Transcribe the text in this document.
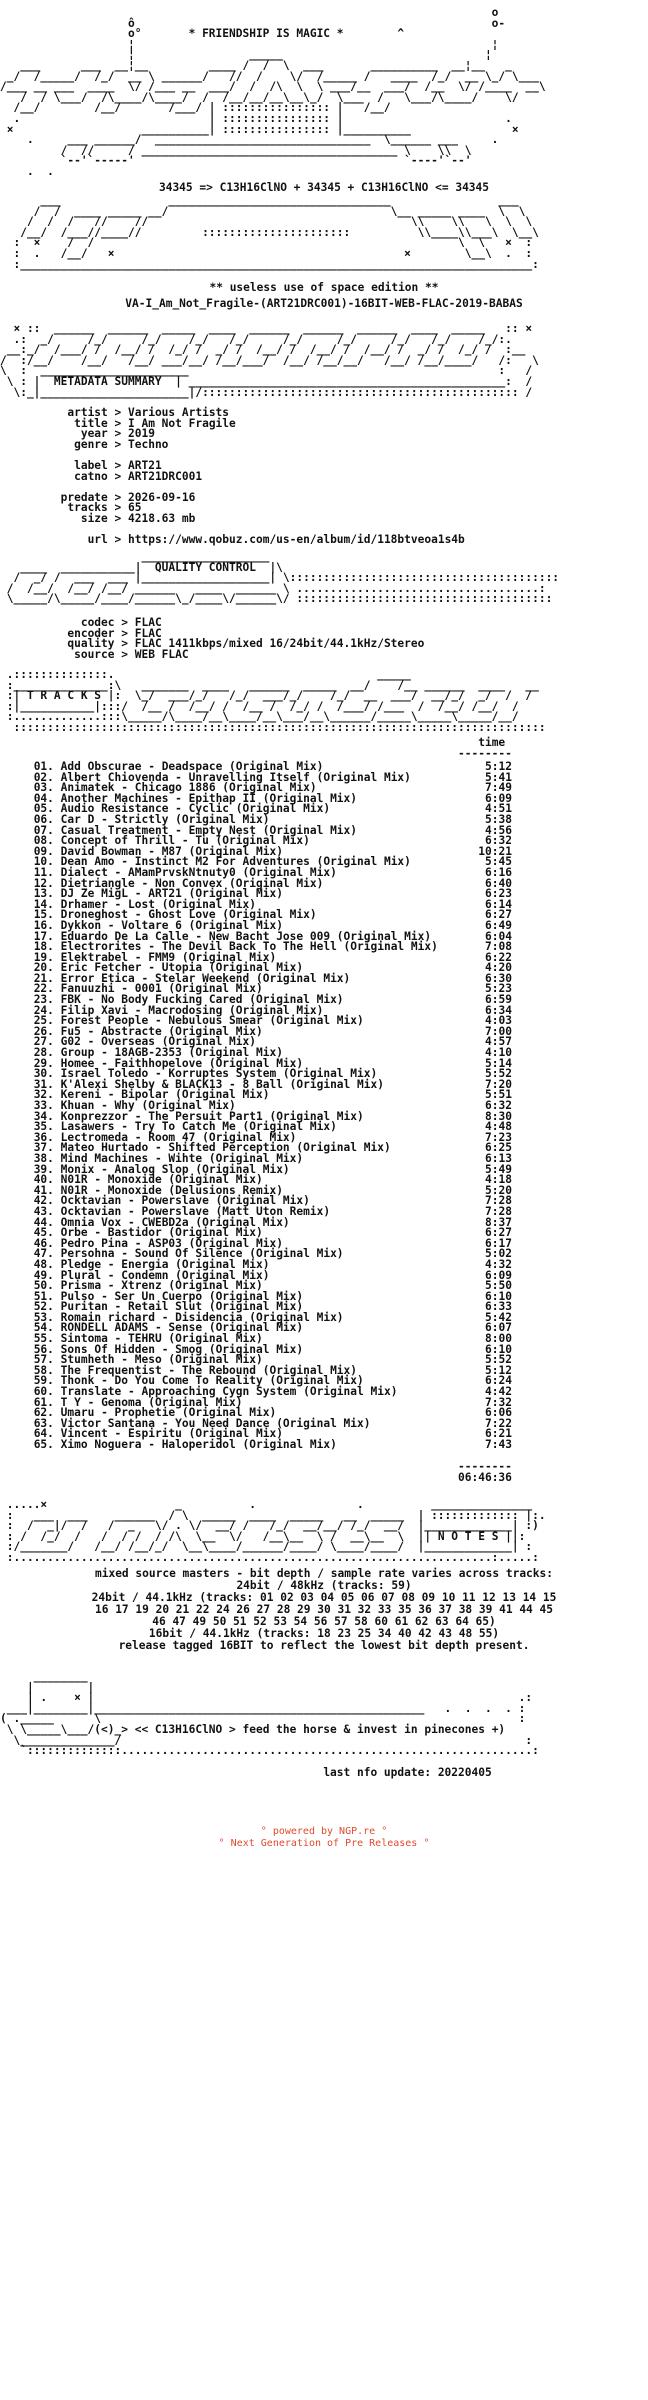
o
ô                                                     o-
o°	* FRIENDSHIP IS MAGIC *	^
¦                                                     ¦
¦                 _____                              ¦
___      ___  __¦__         ____ /  /  \  ___       __________  __¦__   _
_/  /_____/  /_/  __ \ ______/   //  /    \/  /_____ /   ____  /_/  __ \_/ \___
/___ __ ___  ____  \/ /___ __  ___/  /  /\  \  \ ___/__  ___/  /__  \/ /____  __\
/  / \___/  /\____/\____/  /  /__/__/__\__\_/  \___  /   \___/\____/    \/
/__/        /__/       /___/ | :::::::::::::::: |   /__/
.                            | :::::::::::::::: |                        .
×                   __________| :::::::::::::::: |__________               ×
.     ___ ______/  ________________________________  \______ ___     .
/  //     / ______________________________________ \    \\  \
`--'`-----'                                        `----'`--'
.  .

34345 => C13H16ClNO + 34345 + C13H16ClNO <= 34345
___                _________________________________                ___
/  /  ____ _____ __/                                 \__ _____ ____  \  \
/  /  /   //    //                                       \\    \\   \  \  \
/__/  /___//____//         ::::::::::::::::::::::          \\____\\___\  \__\
:  ×    /  /                                                      \  \   ×  :
:  .   /__/   ×                                           ×        \__\  .  :
:____________________________________________________________________________:

** useless use of space edition **
VA-I_Am_Not_Fragile-(ART21DRC001)-16BIT-WEB-FLAC-2019-BABAS
× ::  ______  ______  _____  ____  ______  ______  ______  ____  _____   :: ×
.:  _/     /_/     /_/    /_/   /_/     /_/     /_/     /_/   /_/    /_/:.
__:_/  /___/ /  /__/ /  /_/ /  _/ /  /__/ /  /__/ /  /__/ /  _/ /  /_/ /  :__
/  :/__/    /__/   /__/ ___/__/ /__/___/  /__/ /__/__/   /__/ /__/____/   /:   \
\  :  ______________________                                              :   /
\ : |  METADATA SUMMARY  | _______________________________________________:  /
\:_|______________________|/::::::::::::::::::::::::::::::::::::::::::::::: /

artist > Various Artists
title > I Am Not Fragile
year > 2019
genre > Techno

label > ART21
catno > ART21DRC001

predate > 2026-09-16
tracks > 65
size > 4218.63 mb

url > https://www.qobuz.com/us-en/album/id/118btveoa1s4b

___________________
____  ___________|  QUALITY CONTROL  |\
/  _/ /  ___  ___ |___________________| \::::::::::::::::::::::::::::::::::::::::
/  /__/  /__/ /__/ ______   ____  ______ \ ....................................:
\_____/\_____/____/______\_/____\/______\/ ::::::::::::::::::::::::::::::::::::::

codec > FLAC
encoder > FLAC
quality > FLAC 1411kbps/mixed 16/24bit/44.1kHz/Stereo
source > WEB FLAC

.::::::::::::::.                                       _____
:______________:\   _______  ____   ______  _____  __/    /__ ______  ____   __
:| T R A C K S |:  \_/  ___/_/   /_/  ___/_/    /_/  __  ___/  __/_/  _/  /  /
:|___________|:::/  /__ /  /__/ /  /__ /  /_/ /  /___/ /___  /  /__/ /__/  /
:.............:::\_____/\____/__\____/__\___/__\______/_____\_____\_____/__/
:::::::::::::::::::::::::::::::::::::::::::::::::::::::::::::::::::::::::::::::

time
--------

01. Add Obscurae - Deadspace (Original Mix)	5:12
02. Albert Chiovenda - Unravelling Itself (Original Mix)	5:41
03. Animatek - Chicago 1886 (Original Mix)	7:49
04. Another Machines - Epithap II (Original Mix)	6:09
05. Audio Resistance - Cyclic (Original Mix)	4:51
06. Car D - Strictly (Original Mix)	5:38
07. Casual Treatment - Empty Nest (Original Mix)	4:56
08. Concept of Thrill - Tu (Original Mix)	6:32
09. David Bowman - M87 (Original Mix)	10:21
10. Dean Amo - Instinct M2 For Adventures (Original Mix)	5:45
11. Dialect - AMamPrvskNtnuty0 (Original Mix)	6:16
12. Dietriangle - Non Convex (Original Mix)	6:40
13. DJ Ze MigL - ART21 (Original Mix)	6:23
14. Drhamer - Lost (Original Mix)	6:14
15. Droneghost - Ghost Love (Original Mix)	6:27
16. Dykkon - Voltare 6 (Original Mix)	6:49
17. Eduardo De La Calle - New Bacht Jose 009 (Original Mix)	6:04
18. Electrorites - The Devil Back To The Hell (Original Mix)	7:08
19. Elektrabel - FMM9 (Original Mix)	6:22
20. Eric Fetcher - Utopia (Original Mix)	4:20
21. Error Etica - Stelar Weekend (Original Mix)	6:30
22. Fanuuzhi - 0001 (Original Mix)	5:23
23. FBK - No Body Fucking Cared (Original Mix)	6:59
24. Filip Xavi - Macrodosing (Original Mix)	6:34
25. Forest People - Nebulous Smear (Original Mix)	4:03
26. Fu5 - Abstracte (Original Mix)	7:00
27. G02 - Overseas (Original Mix)	4:57
28. Group - 18AGB-2353 (Original Mix)	4:10
29. Homee - Faithhopelove (Original Mix)	5:14
30. Israel Toledo - Korruptes System (Original Mix)	5:52
31. K'Alexi Shelby & BLACK13 - 8 Ball (Original Mix)	7:20
32. Kereni - Bipolar (Original Mix)	5:51
33. Khuan - Why (Original Mix)	6:32
34. Konprezzor - The Persuit Part1 (Original Mix)	8:30
35. Lasawers - Try To Catch Me (Original Mix)	4:48
36. Lectromeda - Room 47 (Original Mix)	7:23
37. Mateo Hurtado - Shifted Perception (Original Mix)	6:25
38. Mind Machines - Wihte (Original Mix)	6:13
39. Monix - Analog Slop (Original Mix)	5:49
40. N01R - Monoxide (Original Mix)	4:18
41. N01R - Monoxide (Delusions Remix)	5:20
42. Ocktavian - Powerslave (Original Mix)	7:28
43. Ocktavian - Powerslave (Matt Uton Remix)	7:28
44. Omnia Vox - CWEBD2a (Original Mix)	8:37
45. Orbe - Bastidor (Original Mix)	6:27
46. Pedro Pina - ASP03 (Original Mix)	6:17
47. Persohna - Sound Of Silence (Original Mix)	5:02
48. Pledge - Energia (Original Mix)	4:32
49. Plural - Condemn (Original Mix)	6:09
50. Prisma - Xtrenz (Original Mix)	5:50
51. Pulso - Ser Un Cuerpo (Original Mix)	6:10
52. Puritan - Retail Slut (Original Mix)	6:33
53. Romain richard - Disidencia (Original Mix)	5:42
54. RONDELL ADAMS - Sense (Original Mix)	6:07
55. Sintoma - TEHRU (Original Mix)	8:00
56. Sons Of Hidden - Smog (Original Mix)	6:10
57. Stumheth - Meso (Original Mix)	5:52
58. The Frequentist - The Rebound (Original Mix)	5:12
59. Thonk - Do You Come To Reality (Original Mix)	6:24
60. Translate - Approaching Cygn System (Original Mix)	4:42
61. T Y - Genoma (Original Mix)	7:32
62. Umaru - Prophetie (Original Mix)	6:06
63. Victor Santana - You Need Dance (Original Mix)	7:22
64. Vincent - Espiritu (Original Mix)	6:21
65. Ximo Noguera - Haloperidol (Original Mix)	7:43

--------
06:46:36

.....×                   _          .               .          _______________
:   ___  ___    ______  / \  _____  ____  _____   __  _____  | ::::::::::::: |:.
:  /  _|/  /   /  _   \/ . \/  __/ /   /_/  __/__/ /_/  __/  |_____________| :)
: /  /_/  /   /  / /  / /\  \__  \/   /__\__  \ /  __\__  \  || N O T E S ||:
:/_______/   /__/ /__/_/  \__\____/______/____/ \____/____/  |_____________| :
:.......................................................................:.....:

mixed source masters - bit depth / sample rate varies across tracks:
24bit / 48kHz (tracks: 59)
24bit / 44.1kHz (tracks: 01 02 03 04 05 06 07 08 09 10 11 12 13 14 15
16 17 19 20 21 22 24 26 27 28 29 30 31 32 33 35 36 37 38 39 41 44 45
46 47 49 50 51 52 53 54 56 57 58 60 61 62 63 64 65)
16bit / 44.1kHz (tracks: 18 23 25 34 40 42 43 48 55)
release tagged 16BIT to reflect the lowest bit depth present.
________
|        |
| .    × |                                                               .:
___|________|_________________________________________________   .  .  .  . :
( ._____      \                                                              :
\ \_____\___/(<)_> << C13H16ClNO > feed the horse & invest in pinecones +)
\______________/                                                            :
`::::::::::::::.............................................................:

last nfo update: 20220405

° powered by NGP.re °
° Next Generation of Pre Releases °
